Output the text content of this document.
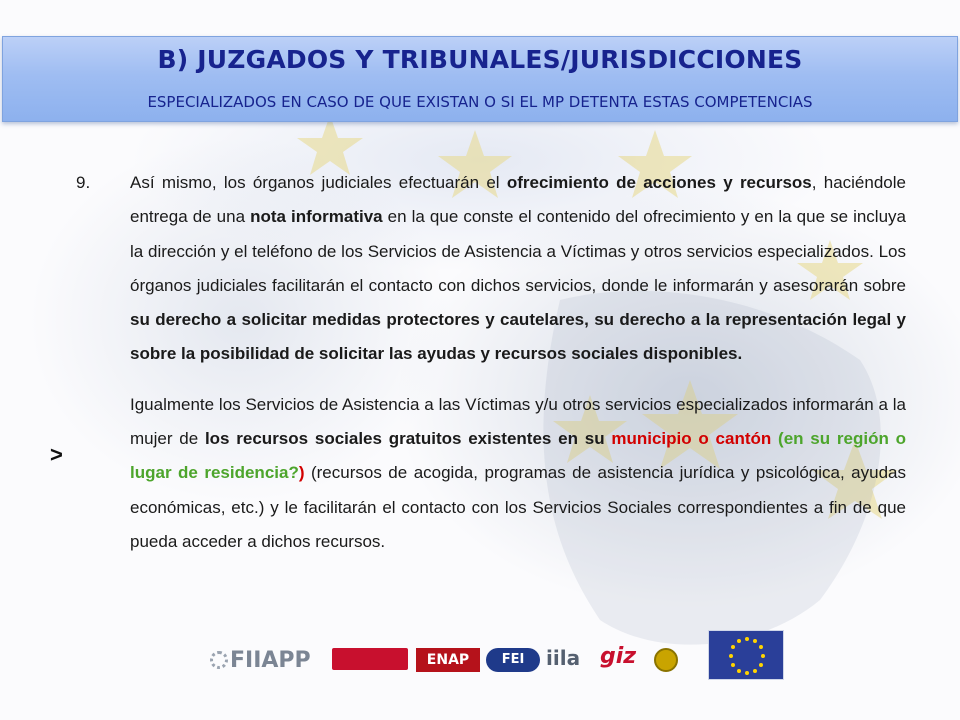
B) JUZGADOS Y TRIBUNALES/JURISDICCIONES
ESPECIALIZADOS EN CASO DE QUE EXISTAN O SI EL MP DETENTA ESTAS COMPETENCIAS
9.	Así mismo, los órganos judiciales efectuarán el ofrecimiento de acciones y recursos, haciéndole entrega de una nota informativa en la que conste el contenido del ofrecimiento y en la que se incluya la dirección y el teléfono de los Servicios de Asistencia a Víctimas y otros servicios especializados. Los órganos judiciales facilitarán el contacto con dichos servicios, donde le informarán y asesorarán sobre su derecho a solicitar medidas protectores y cautelares, su derecho a la representación legal y sobre la posibilidad de solicitar las ayudas y recursos sociales disponibles.
Igualmente los Servicios de Asistencia a las Víctimas y/u otros servicios especializados informarán a la mujer de los recursos sociales gratuitos existentes en su municipio o cantón (en su región o lugar de residencia?) (recursos de acogida, programas de asistencia jurídica y psicológica, ayudas económicas, etc.) y le facilitarán el contacto con los Servicios Sociales correspondientes a fin de que pueda acceder a dichos recursos.
>
FIIAPP	ENAP	FEI	iila giz
